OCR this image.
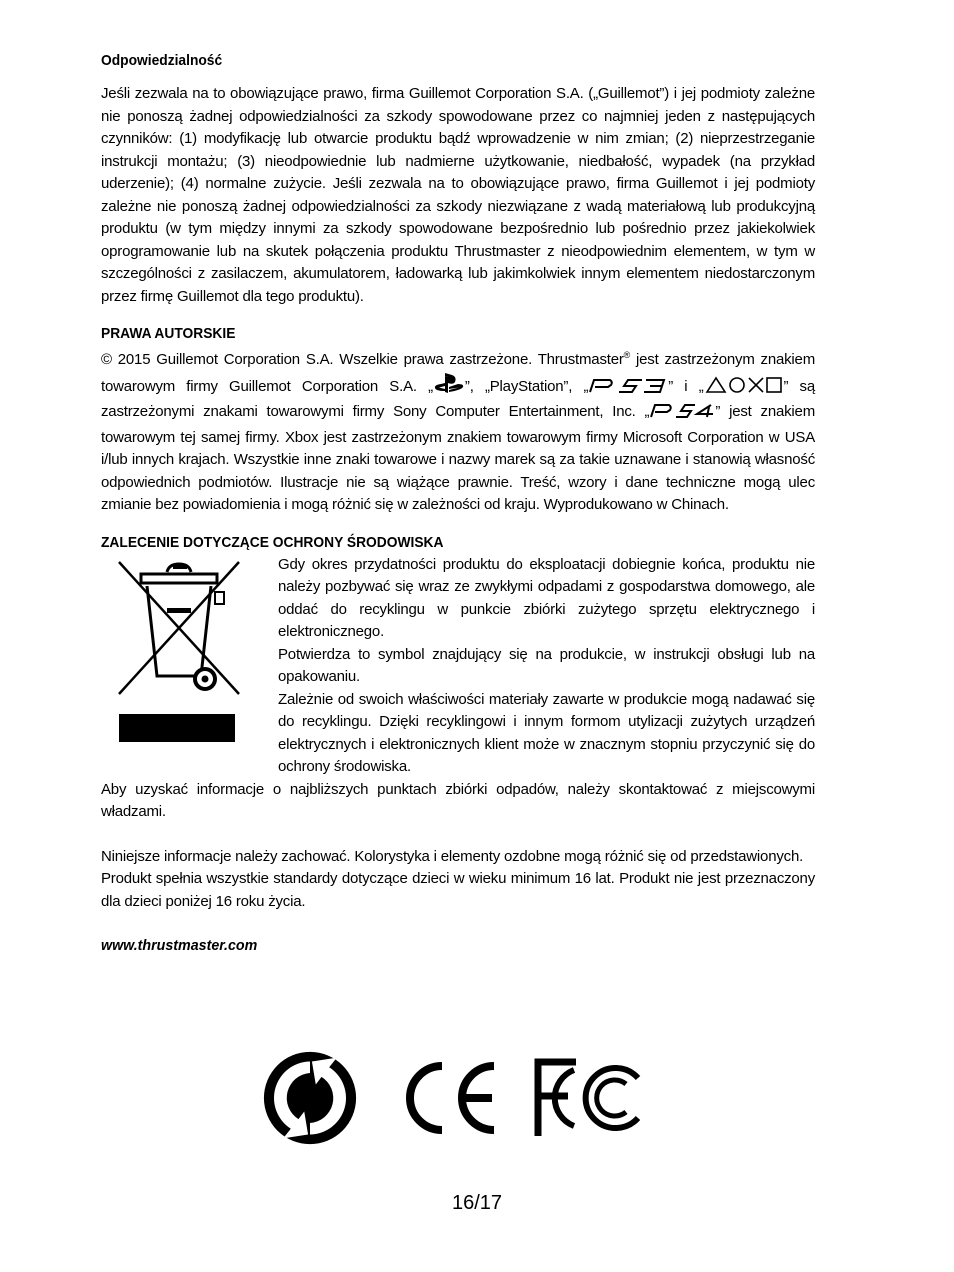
Odpowiedzialność

Jeśli zezwala na to obowiązujące prawo, firma Guillemot Corporation S.A. („Guillemot”) i jej podmioty zależne nie ponoszą żadnej odpowiedzialności za szkody spowodowane przez co najmniej jeden z następujących czynników: (1) modyfikację lub otwarcie produktu bądź wprowadzenie w nim zmian; (2) nieprzestrzeganie instrukcji montażu; (3) nieodpowiednie lub nadmierne użytkowanie, niedbałość, wypadek (na przykład uderzenie); (4) normalne zużycie. Jeśli zezwala na to obowiązujące prawo, firma Guillemot i jej podmioty zależne nie ponoszą żadnej odpowiedzialności za szkody niezwiązane z wadą materiałową lub produkcyjną produktu (w tym między innymi za szkody spowodowane bezpośrednio lub pośrednio przez jakiekolwiek oprogramowanie lub na skutek połączenia produktu Thrustmaster z nieodpowiednim elementem, w tym w szczególności z zasilaczem, akumulatorem, ładowarką lub jakimkolwiek innym elementem niedostarczonym przez firmę Guillemot dla tego produktu).

PRAWA AUTORSKIE

© 2015 Guillemot Corporation S.A. Wszelkie prawa zastrzeżone. Thrustmaster® jest zastrzeżonym znakiem towarowym firmy Guillemot Corporation S.A. „ ”, „PlayStation”, „	” i „	” są zastrzeżonymi znakami towarowymi firmy Sony Computer Entertainment, Inc. „	” jest znakiem towarowym tej samej firmy. Xbox jest zastrzeżonym znakiem towarowym firmy Microsoft Corporation w USA i/lub innych krajach. Wszystkie inne znaki towarowe i nazwy marek są za takie uznawane i stanowią własność odpowiednich podmiotów. Ilustracje nie są wiążące prawnie. Treść, wzory i dane techniczne mogą ulec zmianie bez powiadomienia i mogą różnić się w zależności od kraju. Wyprodukowano w Chinach.

ZALECENIE DOTYCZĄCE OCHRONY ŚRODOWISKA

Gdy okres przydatności produktu do eksploatacji dobiegnie końca, produktu nie należy pozbywać się wraz ze zwykłymi odpadami z gospodarstwa domowego, ale oddać do recyklingu w punkcie zbiórki zużytego sprzętu elektrycznego i elektronicznego.

Potwierdza to symbol znajdujący się na produkcie, w instrukcji obsługi lub na opakowaniu.

Zależnie od swoich właściwości materiały zawarte w produkcie mogą nadawać się do recyklingu. Dzięki recyklingowi i innym formom utylizacji zużytych urządzeń elektrycznych i elektronicznych klient może w znacznym stopniu przyczynić się do ochrony środowiska.

Aby uzyskać informacje o najbliższych punktach zbiórki odpadów, należy skontaktować z miejscowymi władzami.

Niniejsze informacje należy zachować. Kolorystyka i elementy ozdobne mogą różnić się od przedstawionych.

Produkt spełnia wszystkie standardy dotyczące dzieci w wieku minimum 16 lat. Produkt nie jest przeznaczony dla dzieci poniżej 16 roku życia.

www.thrustmaster.com

16/17
